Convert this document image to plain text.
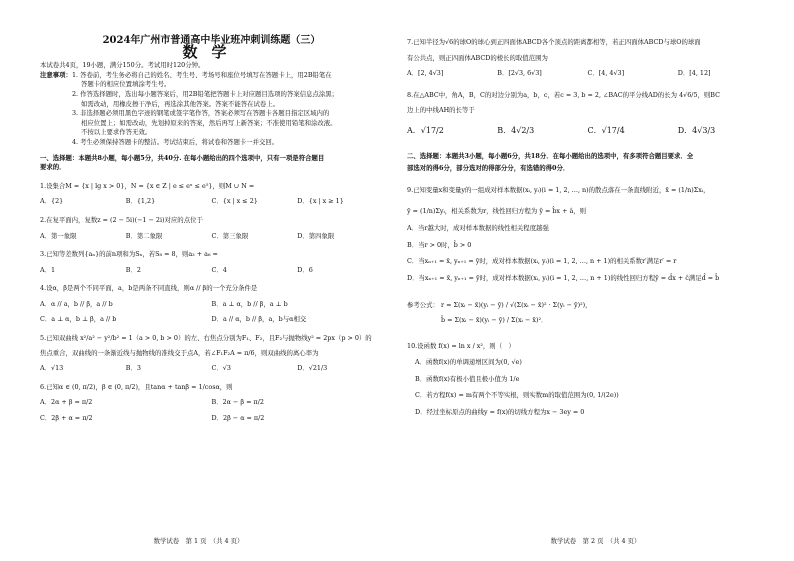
2024年广州市普通高中毕业班冲刺训练题（三）
数学
本试卷共4页，19小题，满分150分。考试用时120分钟。
注意事项： 1. 答卷前，考生务必将自己的姓名、考生号、考场号和座位号填写在答题卡上，用2B铅笔在
答题卡的相应位置填涂考生号。
2. 作答选择题时，选出每小题答案后，用2B铅笔把答题卡上对应题目选项的答案信息点涂黑；
如需改动，用橡皮擦干净后，再选涂其他答案。答案不能答在试卷上。
3. 非选择题必须用黑色字迹的钢笔或签字笔作答，答案必须写在答题卡各题目指定区域内的
相应位置上；如需改动，先划掉原来的答案，然后再写上新答案；不准使用铅笔和涂改液。
不按以上要求作答无效。
4. 考生必须保持答题卡的整洁。考试结束后，将试卷和答题卡一并交回。
一、选择题：本题共8小题，每小题5分，共40分. 在每小题给出的四个选项中，只有一项是符合题目
要求的．
1.设集合M = {x | lg x > 0}，N = {x ∈ Z | e ≤ eˣ ≤ e⁵}，则M ∪ N =
A．{2}	B．{1,2}	C．{x | x ≤ 2}	D．{x | x ≥ 1}
2.在复平面内，复数z = (2 − 5i)(−1 − 2i)对应的点位于
A．第一象限	B．第二象限	C．第三象限	D．第四象限
3.已知等差数列{aₙ}的前n项和为Sₙ，若S₈ = 8，则a₃ + a₆ =
A．1	B．2	C．4	D．6
4.设α，β是两个不同平面，a，b是两条不同直线，则α // β的一个充分条件是
A．α // a，b // β，a // b	B．a ⊥ α，b // β，a ⊥ b
C．a ⊥ α，b ⊥ β，a // b	D．a // α，b // β，a，b与α相交
5.已知双曲线 x²/a² − y²/b² = 1（a > 0, b > 0）的左、右焦点分别为F₁、F₂，且F₂与抛物线y² = 2px（p > 0）的
焦点重合，双曲线的一条渐近线与抛物线的准线交于点A，若∠F₁F₂A = π/6，则双曲线的离心率为
A．√13	B．3	C．√3	D．√21/3
6.已知α ∈ (0, π/2)，β ∈ (0, π/2)，且tanα + tanβ = 1/cosα，则
A．2α + β = π/2	B．2α − β = π/2
C．2β + α = π/2	D．2β − α = π/2
数学试卷　第 1 页　（共 4 页）
7.已知半径为√6的球O的球心到正四面体ABCD各个顶点的距离都相等，若正四面体ABCD与球O的球面
有公共点，则正四面体ABCD的棱长的取值范围为
A．[2, 4√3]	B．[2√3, 6√3]	C．[4, 4√3]	D．[4, 12]
8.在△ABC中，角A，B，C的对边分别为a，b，c，若c = 3, b = 2, ∠BAC的平分线AD的长为 4√6/5，则BC
边上的中线AH的长等于
A．√17/2	B．4√2/3	C．√17/4	D．4√3/3
二、选择题：本题共3小题，每小题6分，共18分．在每小题给出的选项中，有多项符合题目要求．全
部选对的得6分，部分选对的得部分分，有选错的得0分．
9.已知变量x和变量y的一组成对样本数据(xᵢ, yᵢ)(i = 1, 2, …, n)的散点落在一条直线附近，x̄ = (1/n)Σxᵢ，
ȳ = (1/n)Σyᵢ，相关系数为r，线性回归方程为 ŷ = b̂x + â，则
A．当r越大时，成对样本数据的线性相关程度越强
B．当r > 0时，b̂ > 0
C．当xₙ₊₁ = x̄, yₙ₊₁ = ȳ时，成对样本数据(xᵢ, yᵢ)(i = 1, 2, …, n + 1)的相关系数r′满足r′ = r
D．当xₙ₊₁ = x̄, yₙ₊₁ = ȳ时，成对样本数据(xᵢ, yᵢ)(i = 1, 2, …, n + 1)的线性回归方程ŷ = d̂x + ĉ满足d̂ = b̂
参考公式： r = Σ(xᵢ − x̄)(yᵢ − ȳ) / √(Σ(xᵢ − x̄)² · Σ(yᵢ − ȳ)²)，
b̂ = Σ(xᵢ − x̄)(yᵢ − ȳ) / Σ(xᵢ − x̄)²．
10.设函数 f(x) = ln x / x²，则（　）
A．函数f(x)的单调递增区间为(0, √e)
B．函数f(x)有极小值且极小值为 1/e
C．若方程f(x) = m有两个不等实根，则实数m的取值范围为(0, 1/(2e))
D．经过坐标原点的曲线y = f(x)的切线方程为x − 3ey = 0
数学试卷　第 2 页　（共 4 页）
